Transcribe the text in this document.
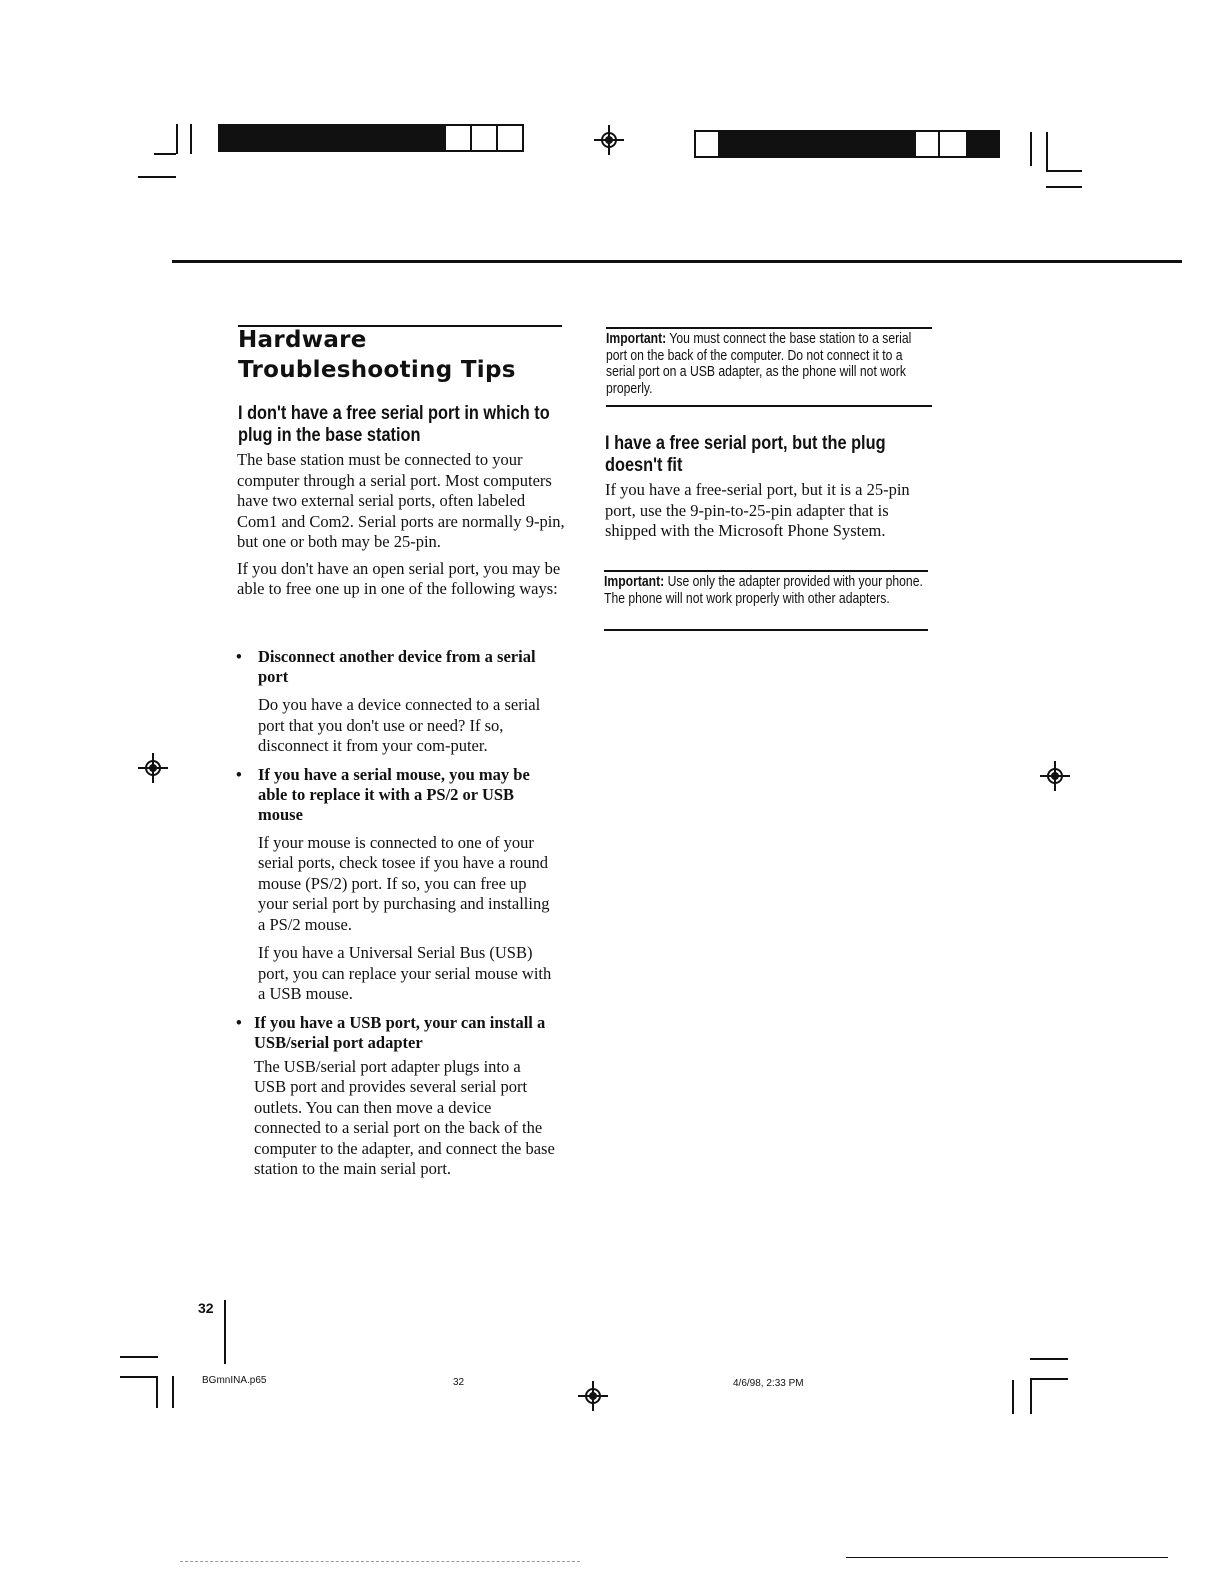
Hardware
Troubleshooting Tips
I don't have a free serial port in which to plug in the base station

The base station must be connected to your computer through a serial port. Most computers have two external serial ports, often labeled Com1 and Com2. Serial ports are normally 9-pin, but one or both may be 25-pin.

If you don't have an open serial port, you may be able to free one up in one of the following ways:

• Disconnect another device from a serial port

Do you have a device connected to a serial port that you don't use or need? If so, disconnect it from your com-puter.

• If you have a serial mouse, you may be able to replace it with a PS/2 or USB mouse

If your mouse is connected to one of your serial ports, check tosee if you have a round mouse (PS/2) port. If so, you can free up your serial port by purchasing and installing a PS/2 mouse.

If you have a Universal Serial Bus (USB) port, you can replace your serial mouse with a USB mouse.

• If you have a USB port, your can install a USB/serial port adapter

The USB/serial port adapter plugs into a USB port and provides several serial port outlets. You can then move a device connected to a serial port on the back of the computer to the adapter, and connect the base station to the main serial port.

Important: You must connect the base station to a serial port on the back of the computer. Do not connect it to a serial port on a USB adapter, as the phone will not work properly.
I have a free serial port, but the plug doesn't fit

If you have a free-serial port, but it is a 25-pin port, use the 9-pin-to-25-pin adapter that is shipped with the Microsoft Phone System.

Important: Use only the adapter provided with your phone. The phone will not work properly with other adapters.
32
BGmnINA.p65	32	4/6/98, 2:33 PM
